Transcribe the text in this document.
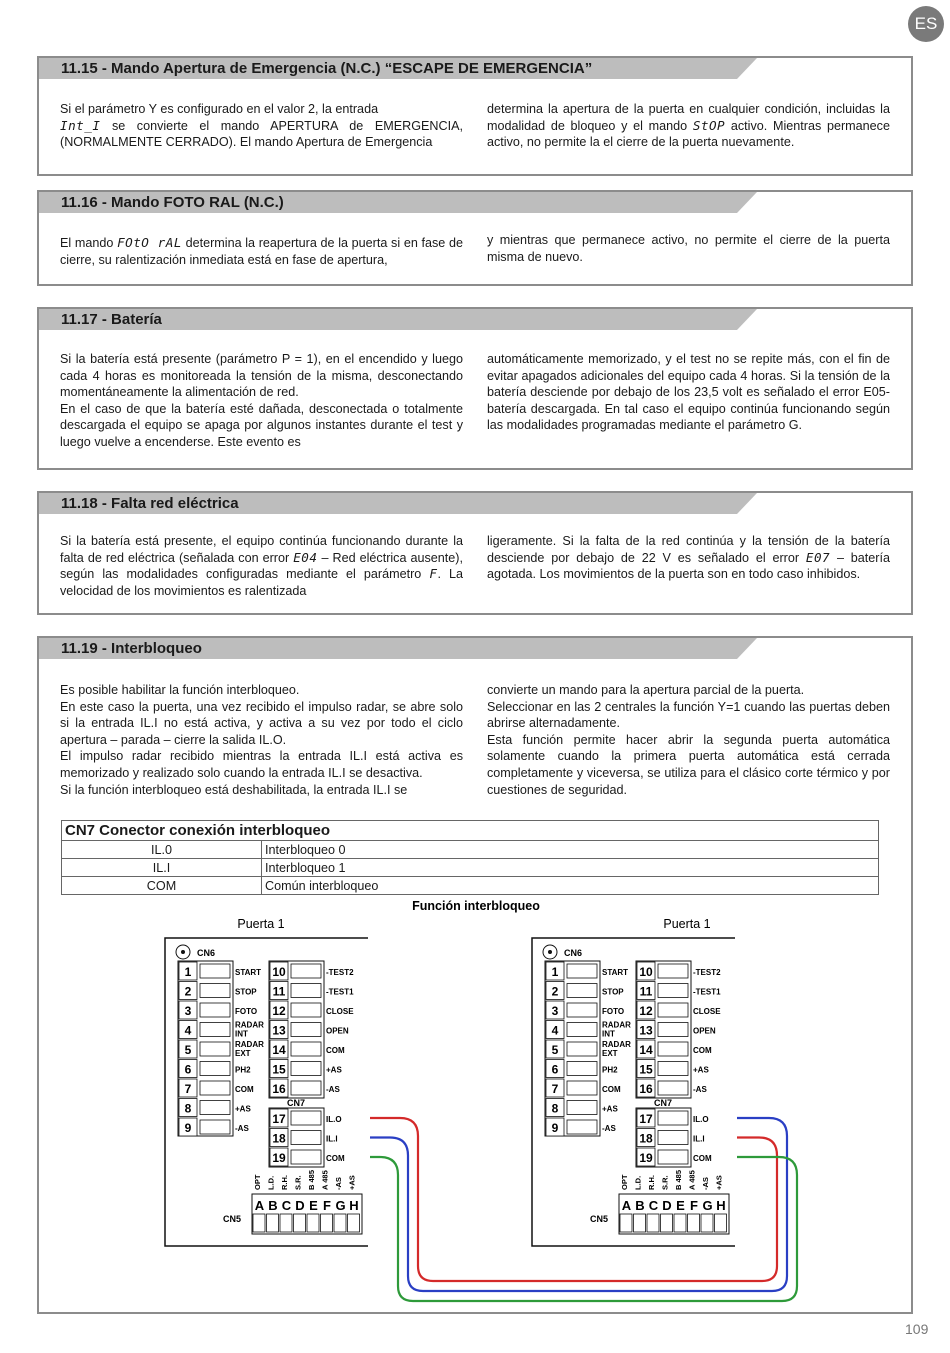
ES
11.15 - Mando Apertura de Emergencia (N.C.) “ESCAPE DE EMERGENCIA”
Si el parámetro Y es configurado en el valor 2, la entrada
Int_I se convierte el mando APERTURA de EMERGENCIA, (NORMALMENTE CERRADO). El mando Apertura de Emergencia
determina la apertura de la puerta en cualquier condición, incluidas la modalidad de bloqueo y el mando StOP activo. Mientras permanece activo, no permite la el cierre de la puerta nuevamente.
11.16 - Mando FOTO RAL (N.C.)
El mando FOtO rAL determina la reapertura de la puerta si en fase de cierre, su ralentización inmediata está en fase de apertura,
y mientras que permanece activo, no permite el cierre de la puerta misma de nuevo.
11.17 - Batería
Si la batería está presente (parámetro P = 1), en el encendido y luego cada 4 horas es monitoreada la tensión de la misma, desconectando momentáneamente la alimentación de red.
En el caso de que la batería esté dañada, desconectada o totalmente descargada el equipo se apaga por algunos instantes durante el test y luego vuelve a encenderse. Este evento es
automáticamente memorizado, y el test no se repite más, con el fin de evitar apagados adicionales del equipo cada 4 horas. Si la tensión de la batería desciende por debajo de los 23,5 volt es señalado el error E05-batería descargada. En tal caso el equipo continúa funcionando según las modalidades programadas mediante el parámetro G.
11.18 - Falta red eléctrica
Si la batería está presente, el equipo continúa funcionando durante la falta de red eléctrica (señalada con error E04 – Red eléctrica ausente), según las modalidades configuradas mediante el parámetro F. La velocidad de los movimientos es ralentizada
ligeramente. Si la falta de la red continúa y la tensión de la batería desciende por debajo de 22 V es señalado el error E07 – batería agotada. Los movimientos de la puerta son en todo caso inhibidos.
11.19 - Interbloqueo
Es posible habilitar la función interbloqueo.
En este caso la puerta, una vez recibido el impulso radar, se abre solo si la entrada IL.I no está activa, y activa a su vez por todo el ciclo apertura – parada – cierre la salida IL.O.
El impulso radar recibido mientras la entrada IL.I está activa es memorizado y realizado solo cuando la entrada IL.I se desactiva.
Si la función interbloqueo está deshabilitada, la entrada IL.I se
convierte un mando para la apertura parcial de la puerta.
Seleccionar en las 2 centrales la función Y=1 cuando las puertas deben abrirse alternadamente.
Esta función permite hacer abrir la segunda puerta automática solamente cuando la primera puerta automática está cerrada completamente y viceversa, se utiliza para el clásico corte térmico y por cuestiones de seguridad.
CN7 Conector conexión interbloqueo	
IL.0	Interbloqueo 0
IL.I	Interbloqueo 1
COM	Común interbloqueo
Función interbloqueo
Puerta 1	Puerta 1
CN6
1	START
2	STOP
3	FOTO
4	RADAR
INT
5	RADAR
EXT
6	PH2
7	COM
8	+AS
9	-AS
10	-TEST2
11	-TEST1
12	CLOSE
13	OPEN
14	COM
15	+AS
16	-AS
CN7
17	IL.O
18	IL.I
19	COM
OPT L.D. R.H. S.R. B 485 A 485 -AS +AS
A B C D E F G H
CN5
CN6
1	START
2	STOP
3	FOTO
4	RADAR
INT
5	RADAR
EXT
6	PH2
7	COM
8	+AS
9	-AS
10	-TEST2
11	-TEST1
12	CLOSE
13	OPEN
14	COM
15	+AS
16	-AS
CN7
17	IL.O
18	IL.I
19	COM
OPT L.D. R.H. S.R. B 485 A 485 -AS +AS
A B C D E F G H
CN5
109
